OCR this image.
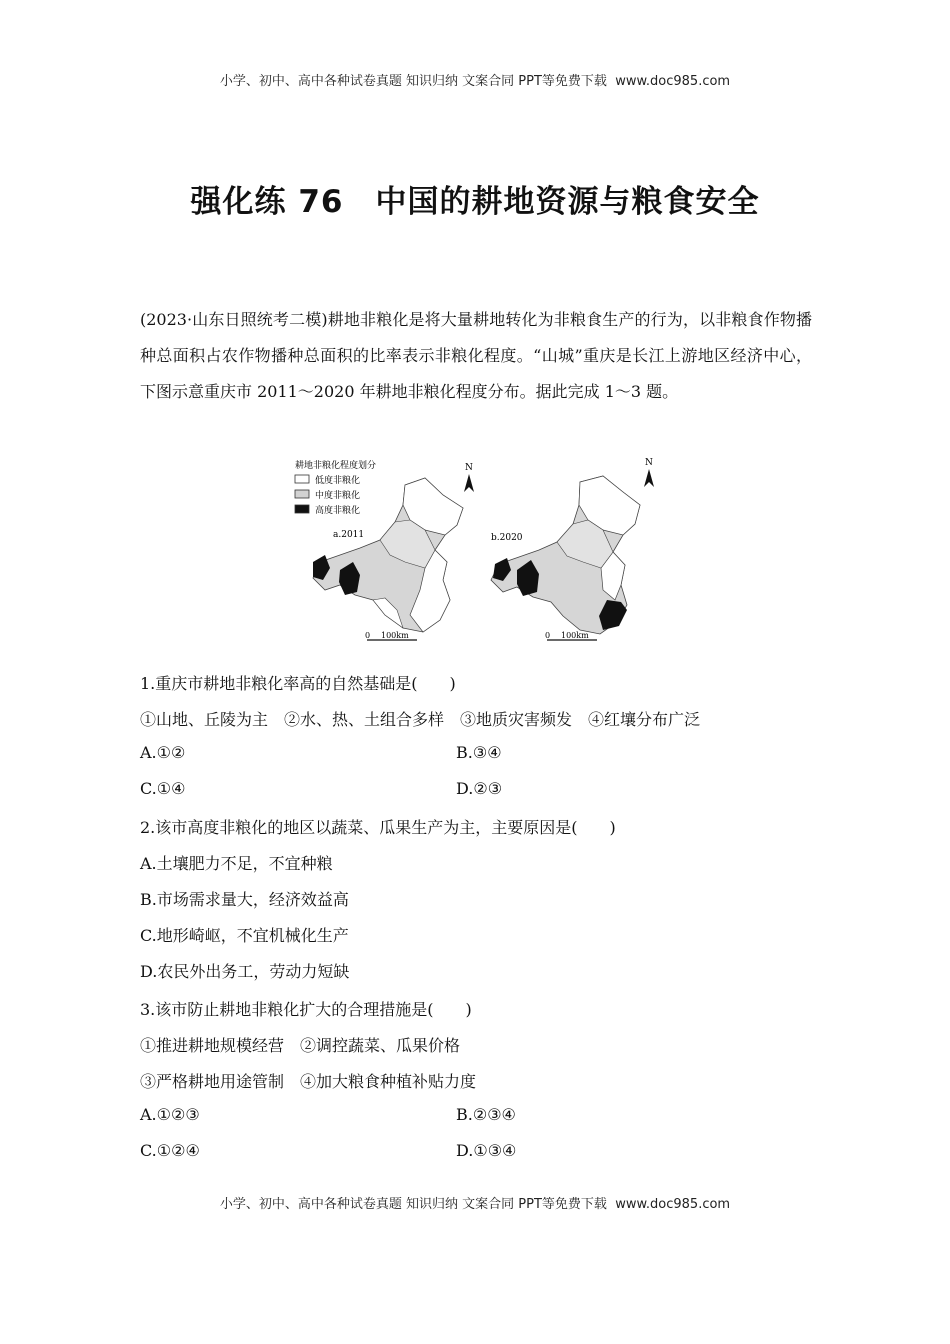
小学、初中、高中各种试卷真题 知识归纳 文案合同 PPT等免费下载 www.doc985.com
强化练 76　中国的耕地资源与粮食安全

(2023·山东日照统考二模)耕地非粮化是将大量耕地转化为非粮食生产的行为，以非粮食作物播种总面积占农作物播种总面积的比率表示非粮化程度。“山城”重庆是长江上游地区经济中心，下图示意重庆市 2011～2020 年耕地非粮化程度分布。据此完成 1～3 题。

耕地非粮化程度划分
低度非粮化
中度非粮化
高度非粮化
a.2011
N
0 100km
b.2020
N
0 100km
1.重庆市耕地非粮化率高的自然基础是(　　)
①山地、丘陵为主　②水、热、土组合多样　③地质灾害频发　④红壤分布广泛
A.①②	B.③④
C.①④	D.②③
2.该市高度非粮化的地区以蔬菜、瓜果生产为主，主要原因是(　　)
A.土壤肥力不足，不宜种粮
B.市场需求量大，经济效益高
C.地形崎岖，不宜机械化生产
D.农民外出务工，劳动力短缺
3.该市防止耕地非粮化扩大的合理措施是(　　)
①推进耕地规模经营　②调控蔬菜、瓜果价格
③严格耕地用途管制　④加大粮食种植补贴力度
A.①②③	B.②③④
C.①②④	D.①③④
小学、初中、高中各种试卷真题 知识归纳 文案合同 PPT等免费下载 www.doc985.com
